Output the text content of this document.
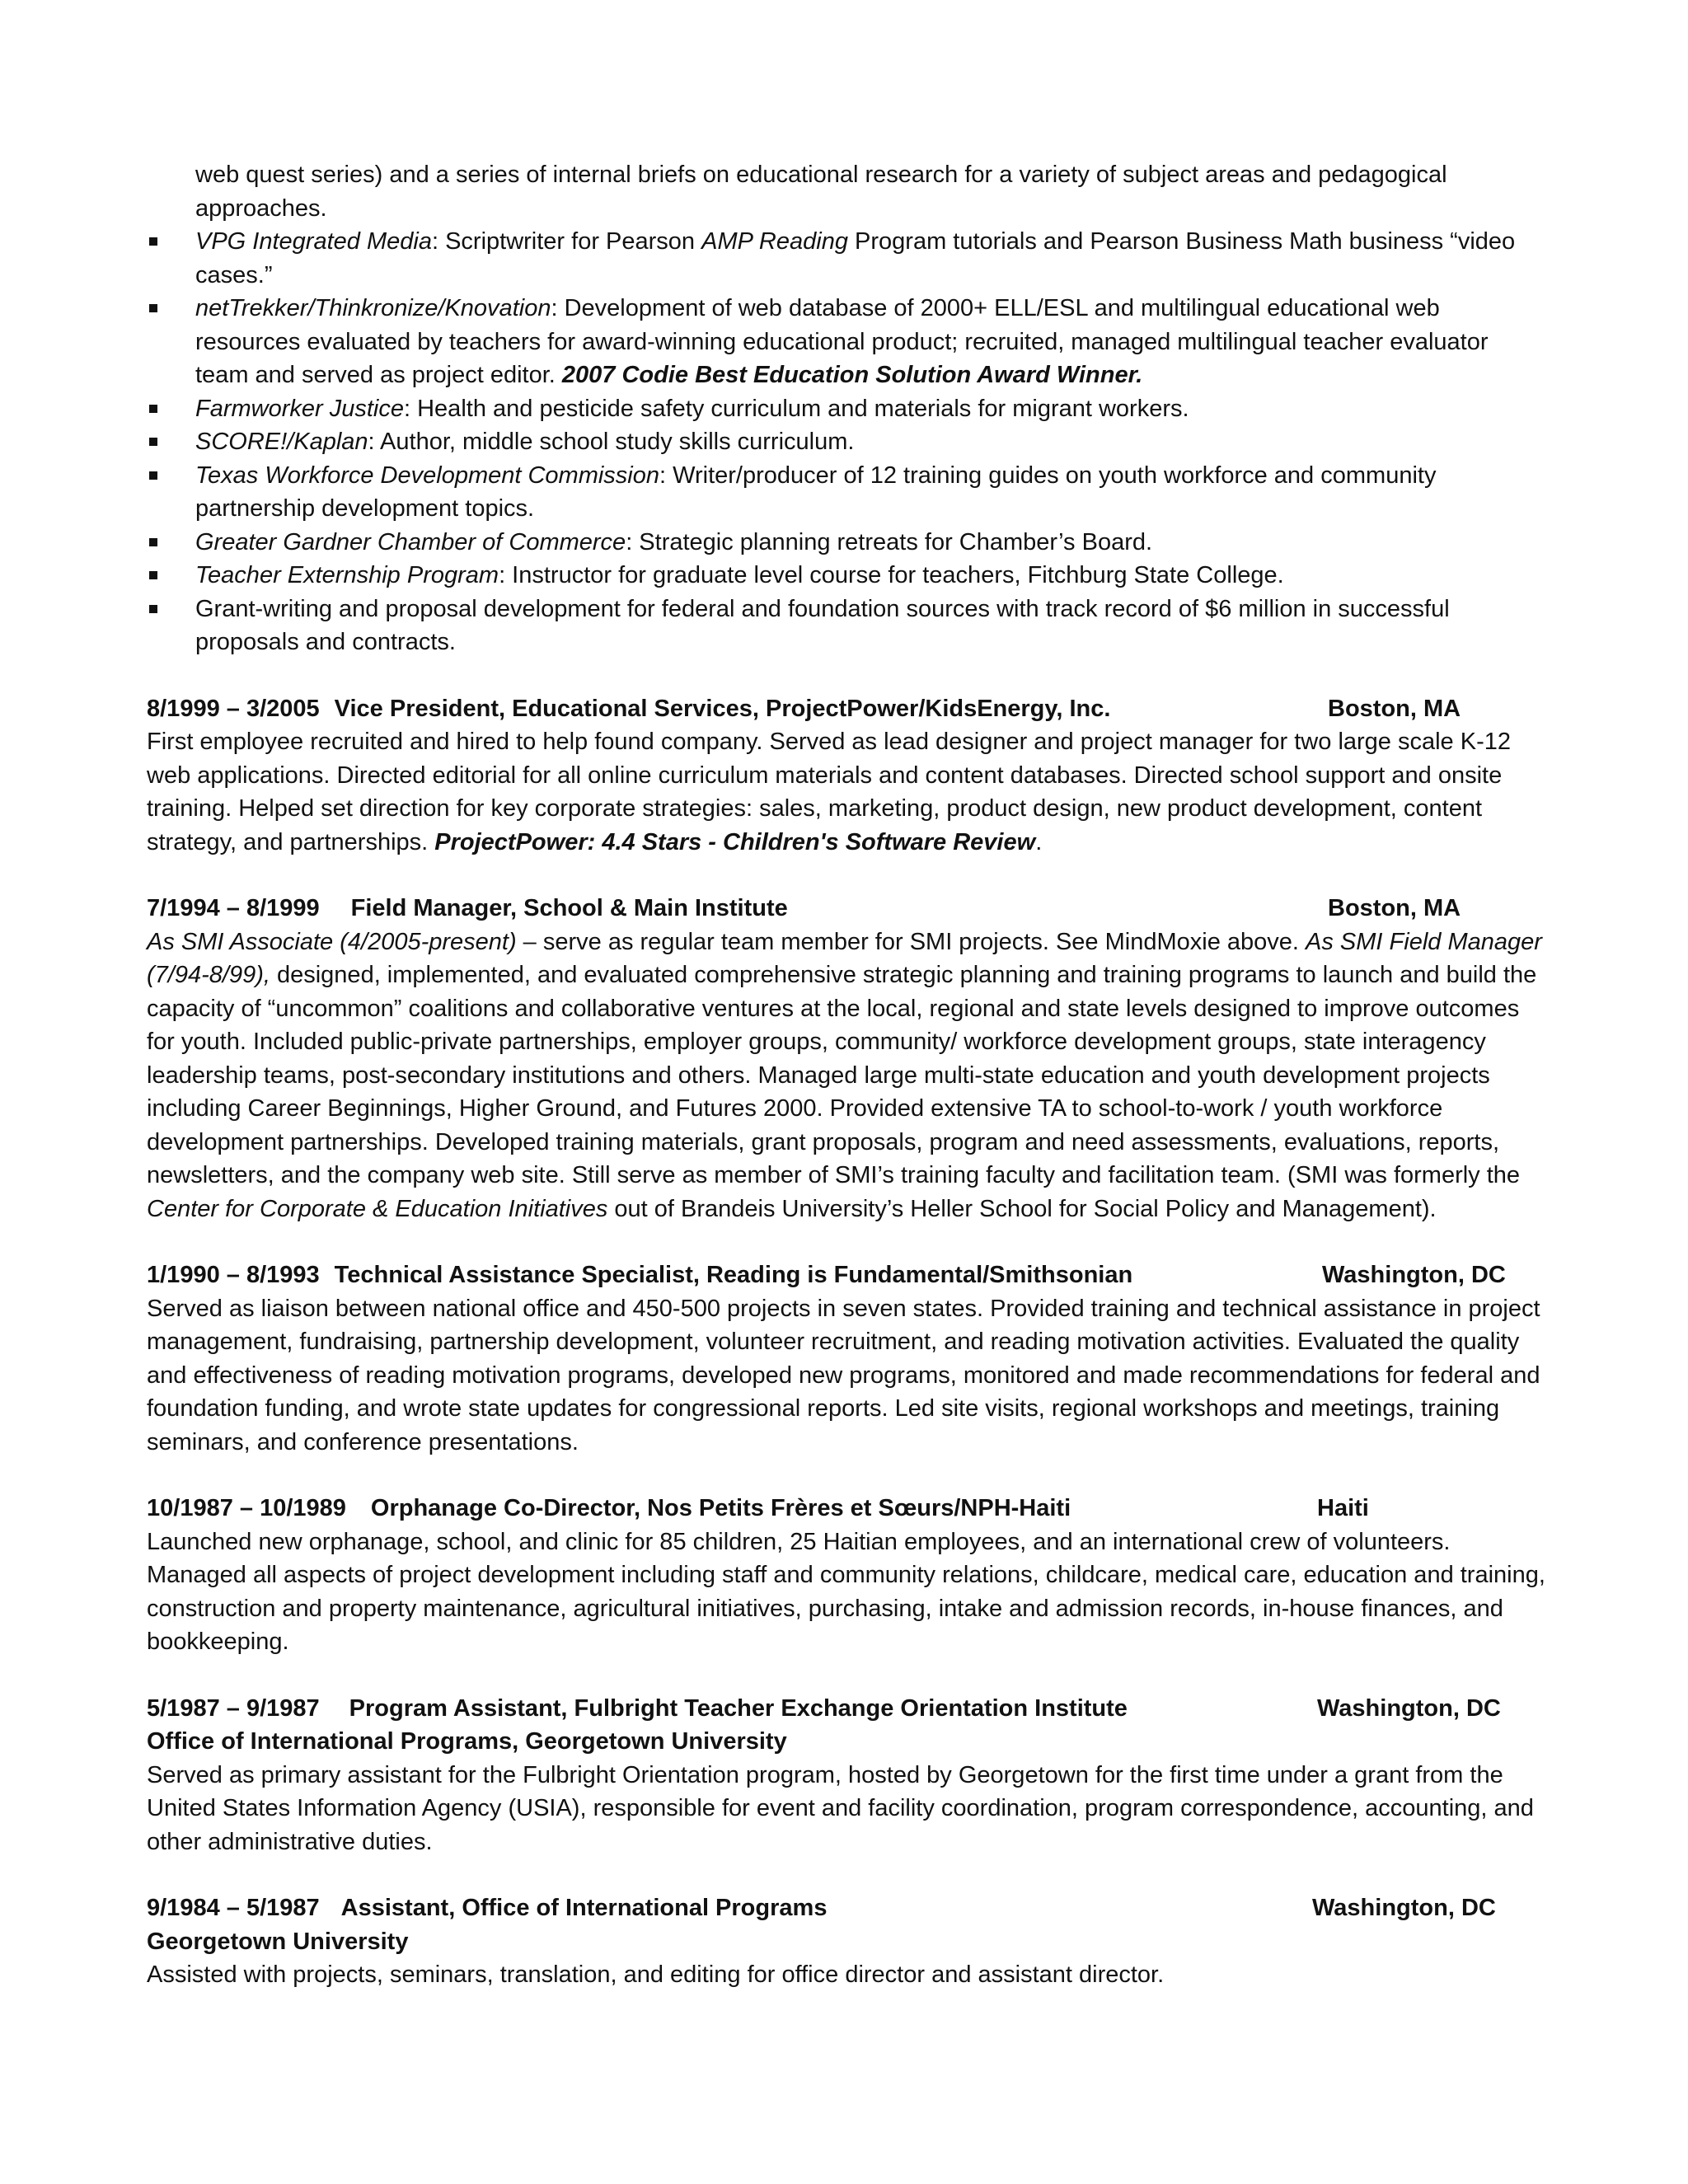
web quest series) and a series of internal briefs on educational research for a variety of subject areas and pedagogical approaches.
VPG Integrated Media: Scriptwriter for Pearson AMP Reading Program tutorials and Pearson Business Math business “video cases.”
netTrekker/Thinkronize/Knovation: Development of web database of 2000+ ELL/ESL and multilingual educational web resources evaluated by teachers for award-winning educational product; recruited, managed multilingual teacher evaluator team and served as project editor. 2007 Codie Best Education Solution Award Winner.
Farmworker Justice: Health and pesticide safety curriculum and materials for migrant workers.
SCORE!/Kaplan: Author, middle school study skills curriculum.
Texas Workforce Development Commission: Writer/producer of 12 training guides on youth workforce and community partnership development topics.
Greater Gardner Chamber of Commerce: Strategic planning retreats for Chamber’s Board.
Teacher Externship Program: Instructor for graduate level course for teachers, Fitchburg State College.
Grant-writing and proposal development for federal and foundation sources with track record of $6 million in successful proposals and contracts.
8/1999 – 3/2005 Vice President, Educational Services, ProjectPower/KidsEnergy, Inc.	Boston, MA

First employee recruited and hired to help found company. Served as lead designer and project manager for two large scale K-12 web applications. Directed editorial for all online curriculum materials and content databases. Directed school support and onsite training. Helped set direction for key corporate strategies: sales, marketing, product design, new product development, content strategy, and partnerships. ProjectPower: 4.4 Stars - Children's Software Review.

7/1994 – 8/1999 Field Manager, School & Main Institute	Boston, MA

As SMI Associate (4/2005-present) – serve as regular team member for SMI projects. See MindMoxie above. As SMI Field Manager (7/94-8/99), designed, implemented, and evaluated comprehensive strategic planning and training programs to launch and build the capacity of “uncommon” coalitions and collaborative ventures at the local, regional and state levels designed to improve outcomes for youth. Included public-private partnerships, employer groups, community/ workforce development groups, state interagency leadership teams, post-secondary institutions and others. Managed large multi-state education and youth development projects including Career Beginnings, Higher Ground, and Futures 2000. Provided extensive TA to school-to-work / youth workforce development partnerships. Developed training materials, grant proposals, program and need assessments, evaluations, reports, newsletters, and the company web site. Still serve as member of SMI’s training faculty and facilitation team. (SMI was formerly the Center for Corporate & Education Initiatives out of Brandeis University’s Heller School for Social Policy and Management).

1/1990 – 8/1993 Technical Assistance Specialist, Reading is Fundamental/Smithsonian	Washington, DC

Served as liaison between national office and 450-500 projects in seven states. Provided training and technical assistance in project management, fundraising, partnership development, volunteer recruitment, and reading motivation activities. Evaluated the quality and effectiveness of reading motivation programs, developed new programs, monitored and made recommendations for federal and foundation funding, and wrote state updates for congressional reports. Led site visits, regional workshops and meetings, training seminars, and conference presentations.

10/1987 – 10/1989 Orphanage Co-Director, Nos Petits Frères et Sœurs/NPH-Haiti	Haiti

Launched new orphanage, school, and clinic for 85 children, 25 Haitian employees, and an international crew of volunteers. Managed all aspects of project development including staff and community relations, childcare, medical care, education and training, construction and property maintenance, agricultural initiatives, purchasing, intake and admission records, in-house finances, and bookkeeping.

5/1987 – 9/1987 Program Assistant, Fulbright Teacher Exchange Orientation Institute	Washington, DC
Office of International Programs, Georgetown University

Served as primary assistant for the Fulbright Orientation program, hosted by Georgetown for the first time under a grant from the United States Information Agency (USIA), responsible for event and facility coordination, program correspondence, accounting, and other administrative duties.

9/1984 – 5/1987 Assistant, Office of International Programs	Washington, DC
Georgetown University

Assisted with projects, seminars, translation, and editing for office director and assistant director.
